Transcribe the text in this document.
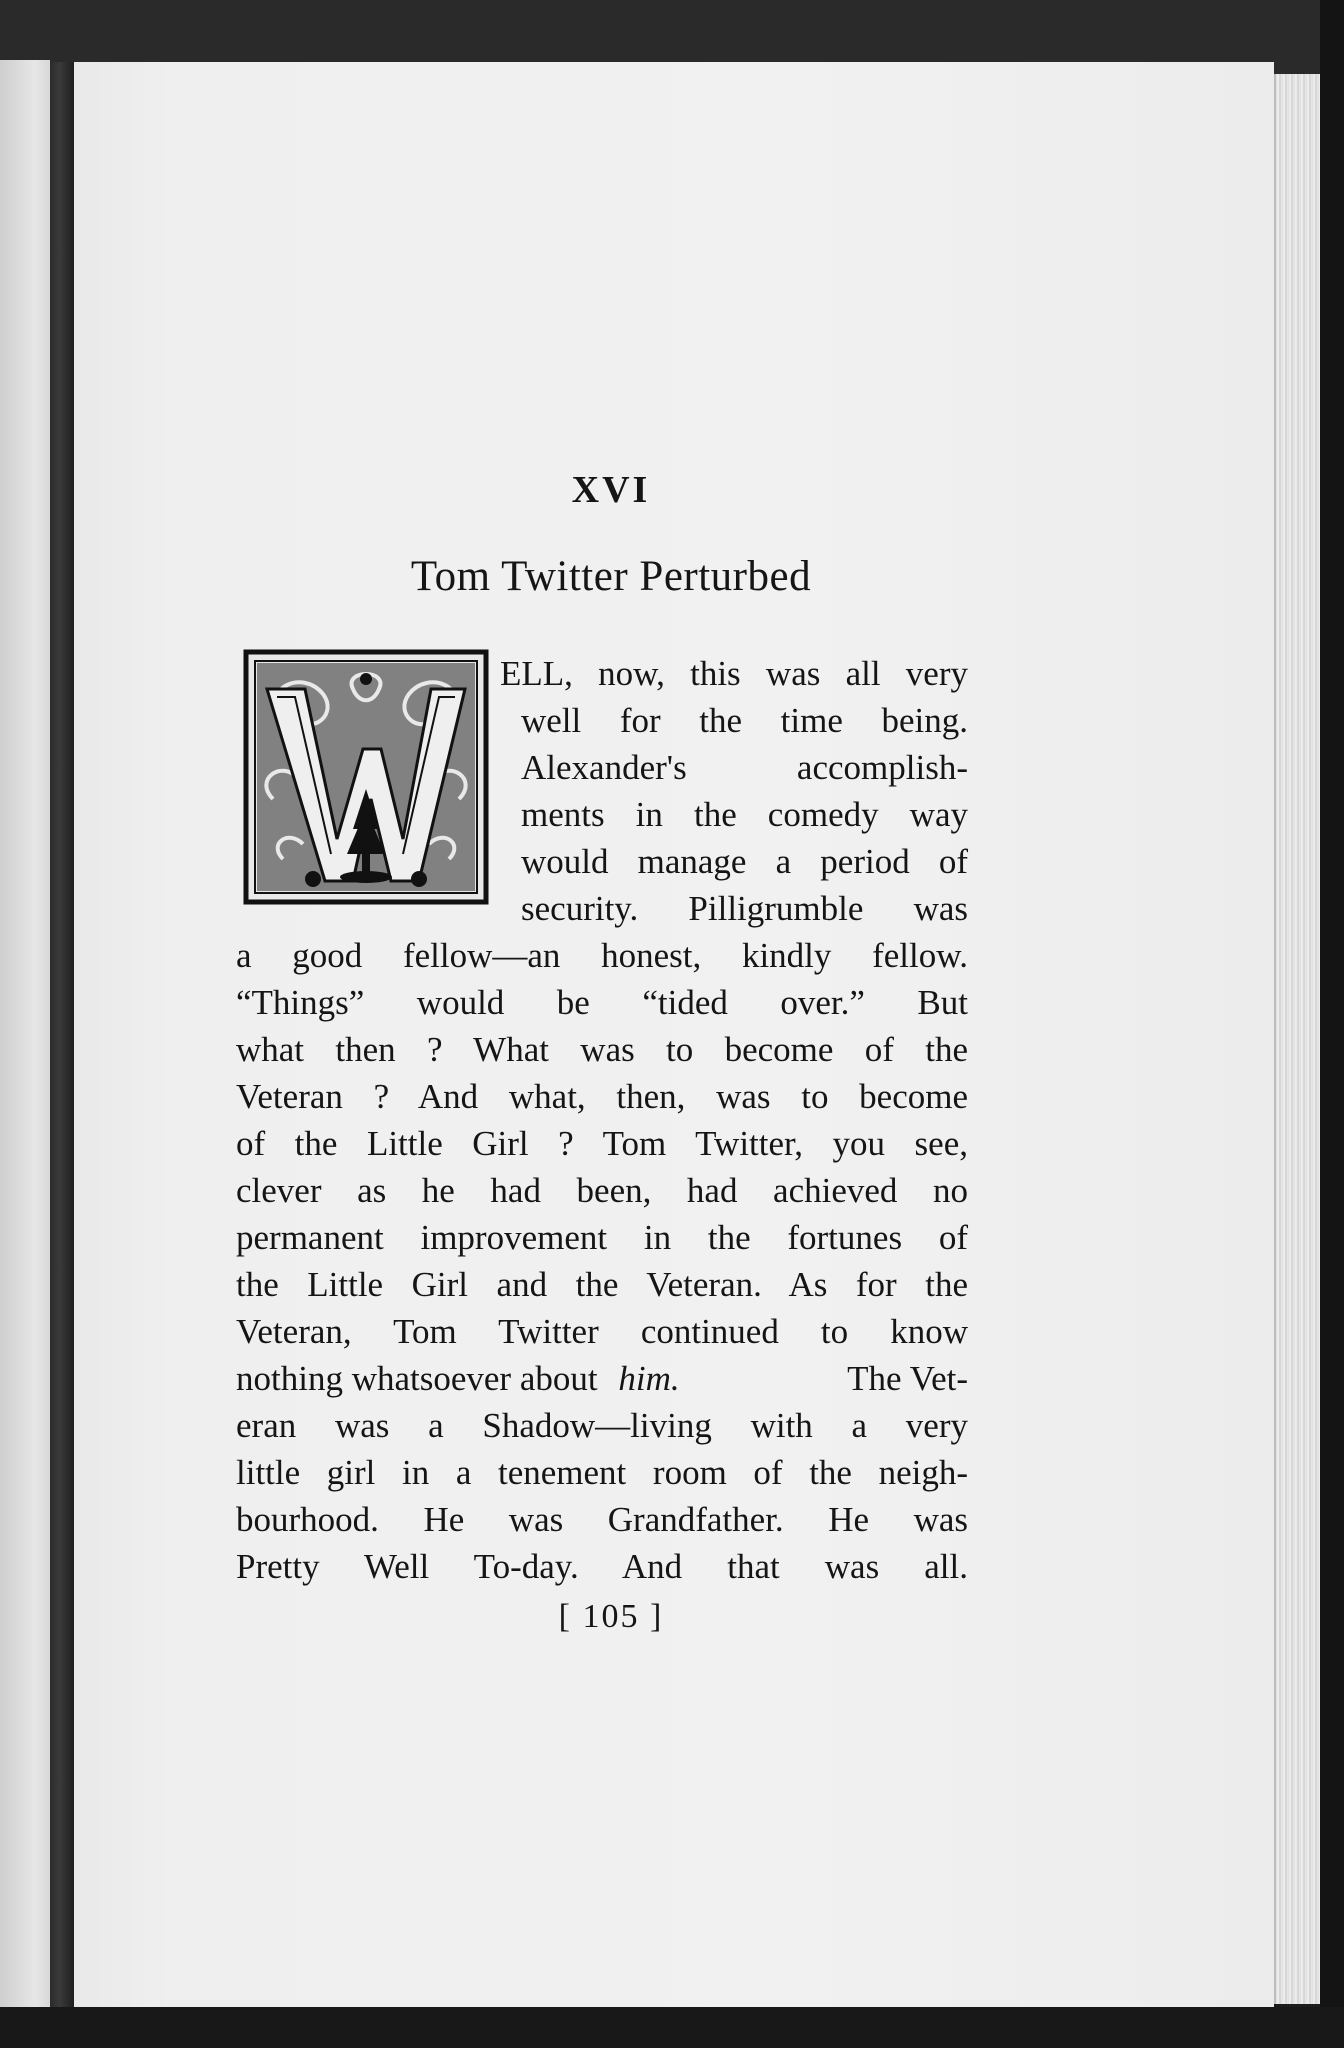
XVI
Tom Twitter Perturbed
ELL, now, this was all very
well for the time being.
Alexander's accomplish-
ments in the comedy way
would manage a period of
security. Pilligrumble was
a good fellow—an honest, kindly fellow.
“Things” would be “tided over.” But
what then ? What was to become of the
Veteran ? And what, then, was to become
of the Little Girl ? Tom Twitter, you see,
clever as he had been, had achieved no
permanent improvement in the fortunes of
the Little Girl and the Veteran. As for the
Veteran, Tom Twitter continued to know
nothing whatsoever about him.	The Vet-
eran was a Shadow—living with a very
little girl in a tenement room of the neigh-
bourhood. He was Grandfather. He was
Pretty Well To-day. And that was all.
[ 105 ]
